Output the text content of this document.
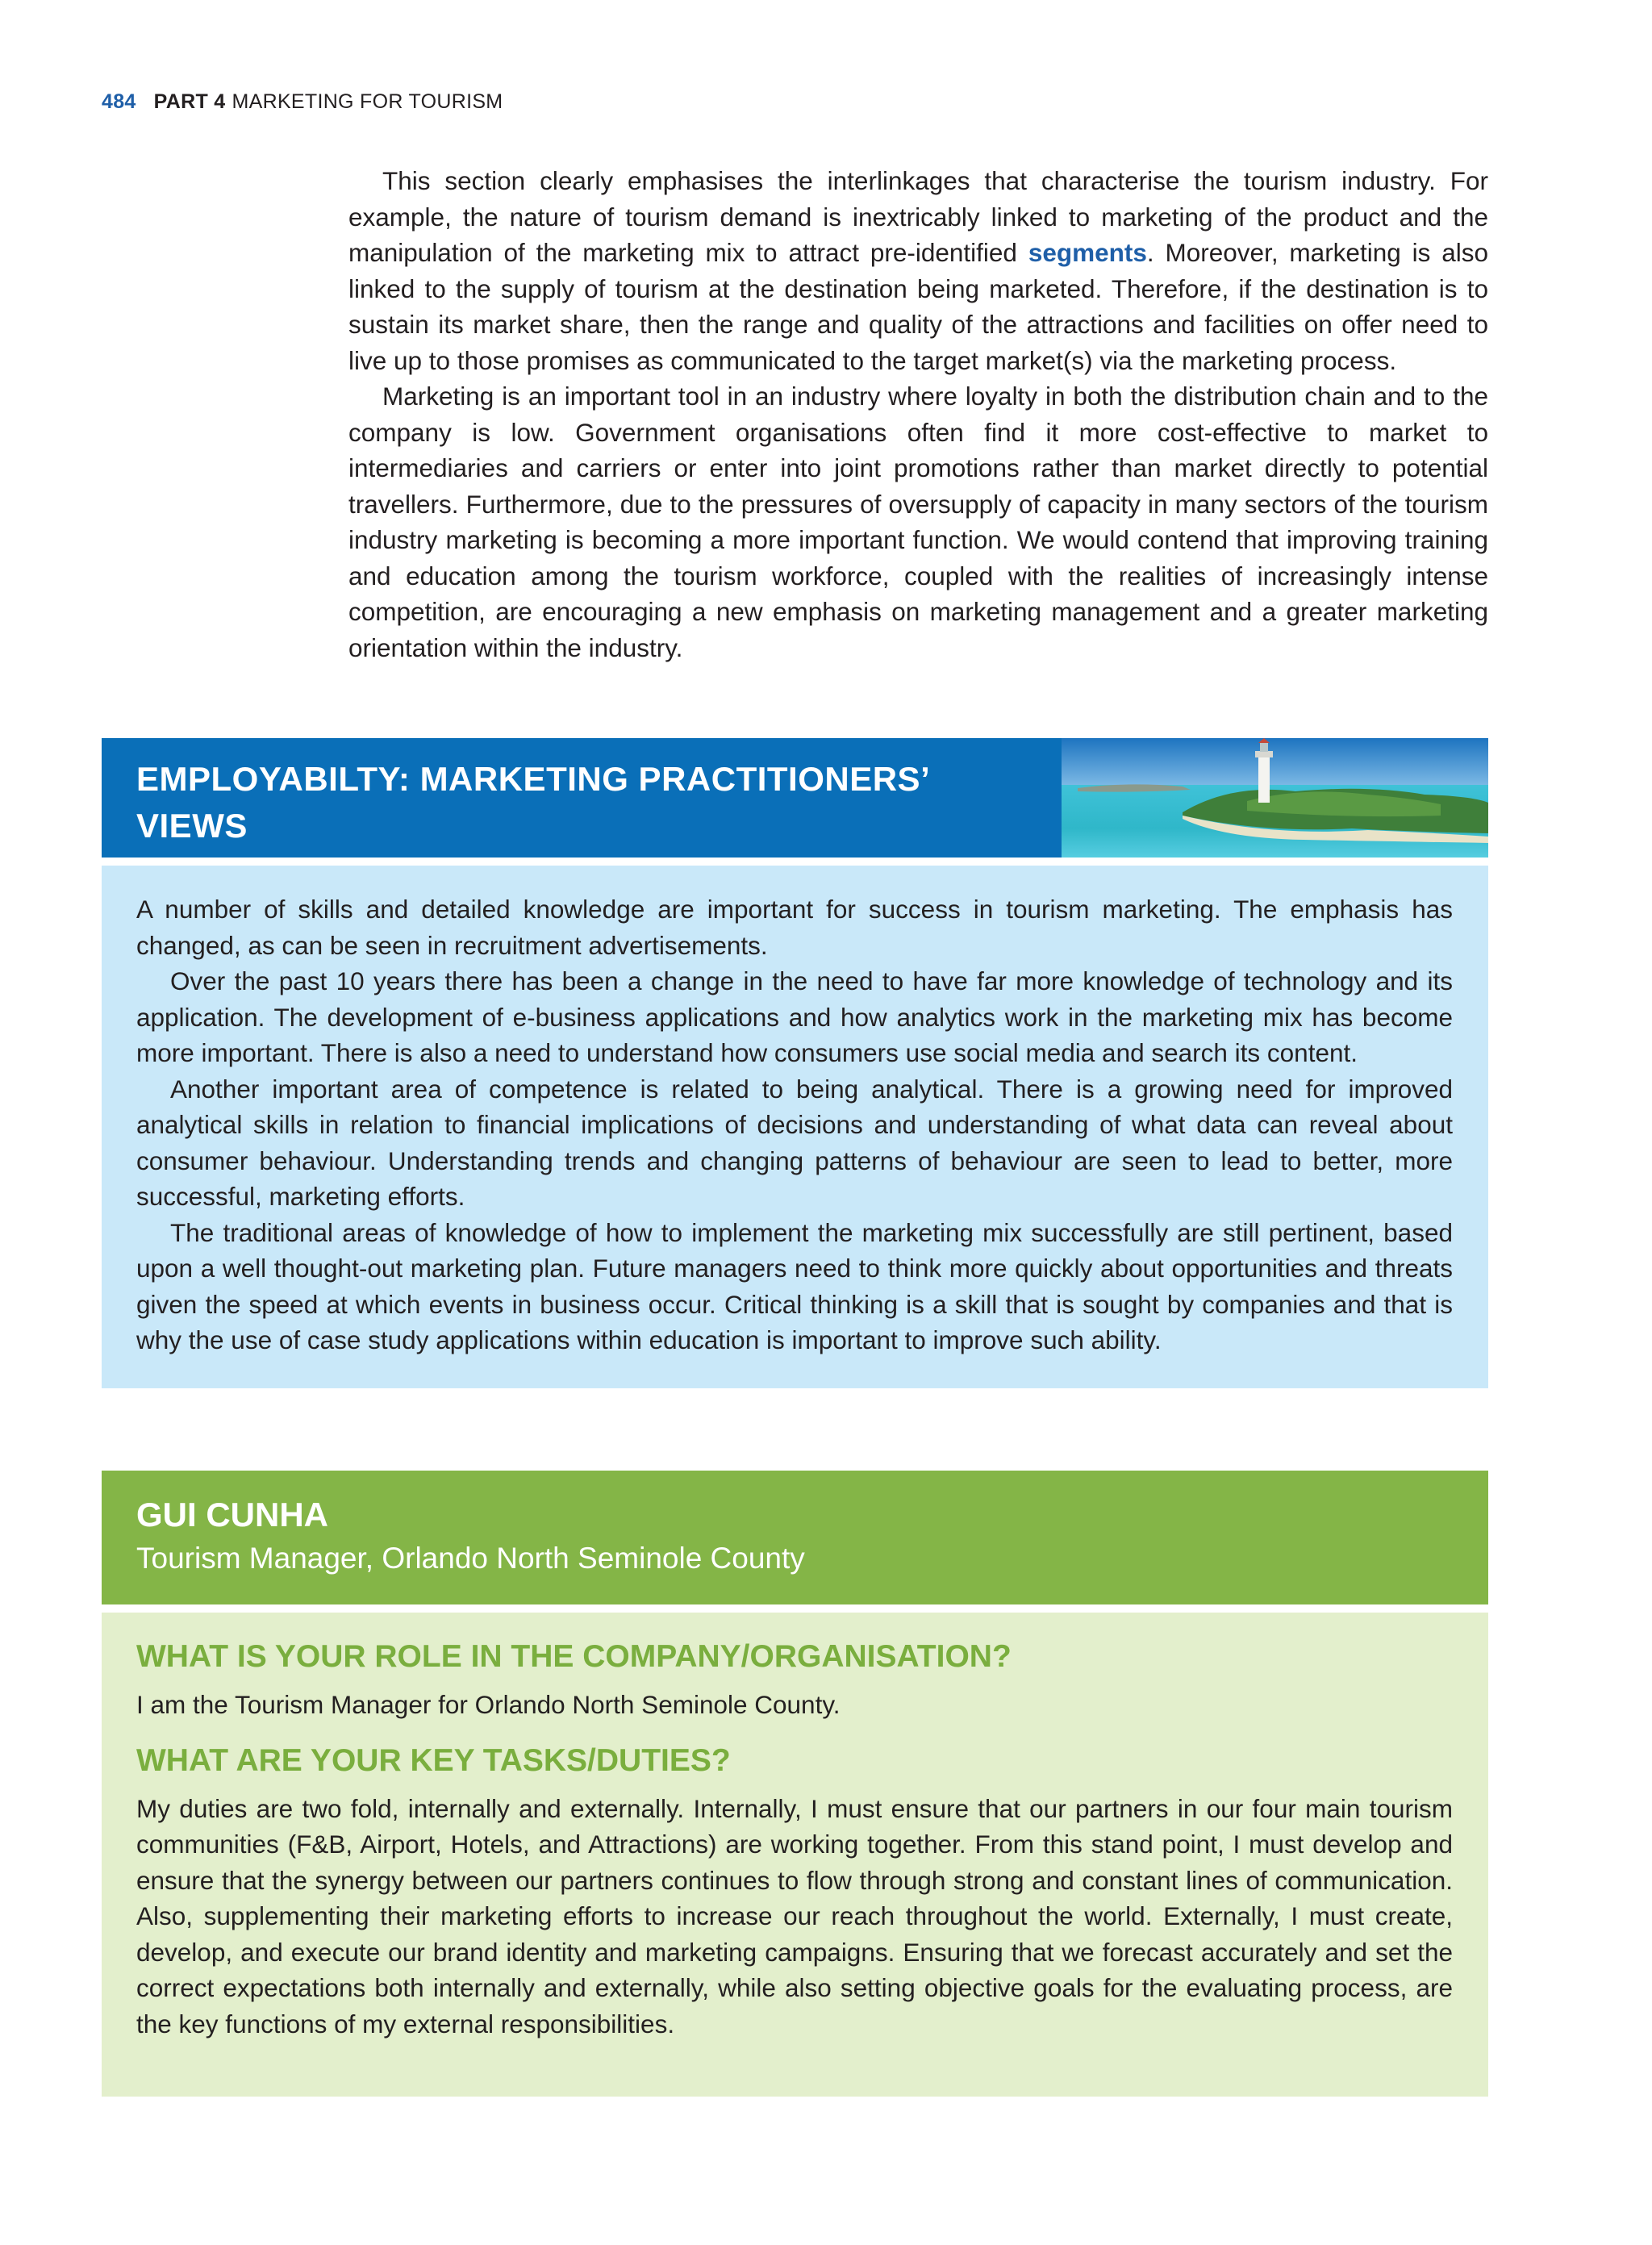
484 PART 4 MARKETING FOR TOURISM

This section clearly emphasises the interlinkages that characterise the tourism industry. For example, the nature of tourism demand is inextricably linked to marketing of the product and the manipulation of the marketing mix to attract pre-identified segments. Moreover, marketing is also linked to the supply of tourism at the destination being marketed. Therefore, if the destination is to sustain its market share, then the range and quality of the attractions and facilities on offer need to live up to those promises as communicated to the target market(s) via the marketing process.

Marketing is an important tool in an industry where loyalty in both the distribution chain and to the company is low. Government organisations often find it more cost-effective to market to intermediaries and carriers or enter into joint promotions rather than market directly to potential travellers. Furthermore, due to the pressures of oversupply of capacity in many sectors of the tourism industry marketing is becoming a more important function. We would contend that improving training and education among the tourism workforce, coupled with the realities of increasingly intense competition, are encouraging a new emphasis on marketing management and a greater marketing orientation within the industry.

EMPLOYABILTY: MARKETING PRACTITIONERS’
VIEWS

A number of skills and detailed knowledge are important for success in tourism marketing. The emphasis has changed, as can be seen in recruitment advertisements.

Over the past 10 years there has been a change in the need to have far more knowledge of technology and its application. The development of e-business applications and how analytics work in the marketing mix has become more important. There is also a need to understand how consumers use social media and search its content.

Another important area of competence is related to being analytical. There is a growing need for improved analytical skills in relation to financial implications of decisions and understanding of what data can reveal about consumer behaviour. Understanding trends and changing patterns of behaviour are seen to lead to better, more successful, marketing efforts.

The traditional areas of knowledge of how to implement the marketing mix successfully are still pertinent, based upon a well thought-out marketing plan. Future managers need to think more quickly about opportunities and threats given the speed at which events in business occur. Critical thinking is a skill that is sought by companies and that is why the use of case study applications within education is important to improve such ability.

GUI CUNHA
Tourism Manager, Orlando North Seminole County
WHAT IS YOUR ROLE IN THE COMPANY/ORGANISATION?

I am the Tourism Manager for Orlando North Seminole County.

WHAT ARE YOUR KEY TASKS/DUTIES?

My duties are two fold, internally and externally. Internally, I must ensure that our partners in our four main tourism communities (F&B, Airport, Hotels, and Attractions) are working together. From this stand point, I must develop and ensure that the synergy between our partners continues to flow through strong and constant lines of communication. Also, supplementing their marketing efforts to increase our reach throughout the world. Externally, I must create, develop, and execute our brand identity and marketing campaigns. Ensuring that we forecast accurately and set the correct expectations both internally and externally, while also setting objective goals for the evaluating process, are the key functions of my external responsibilities.
